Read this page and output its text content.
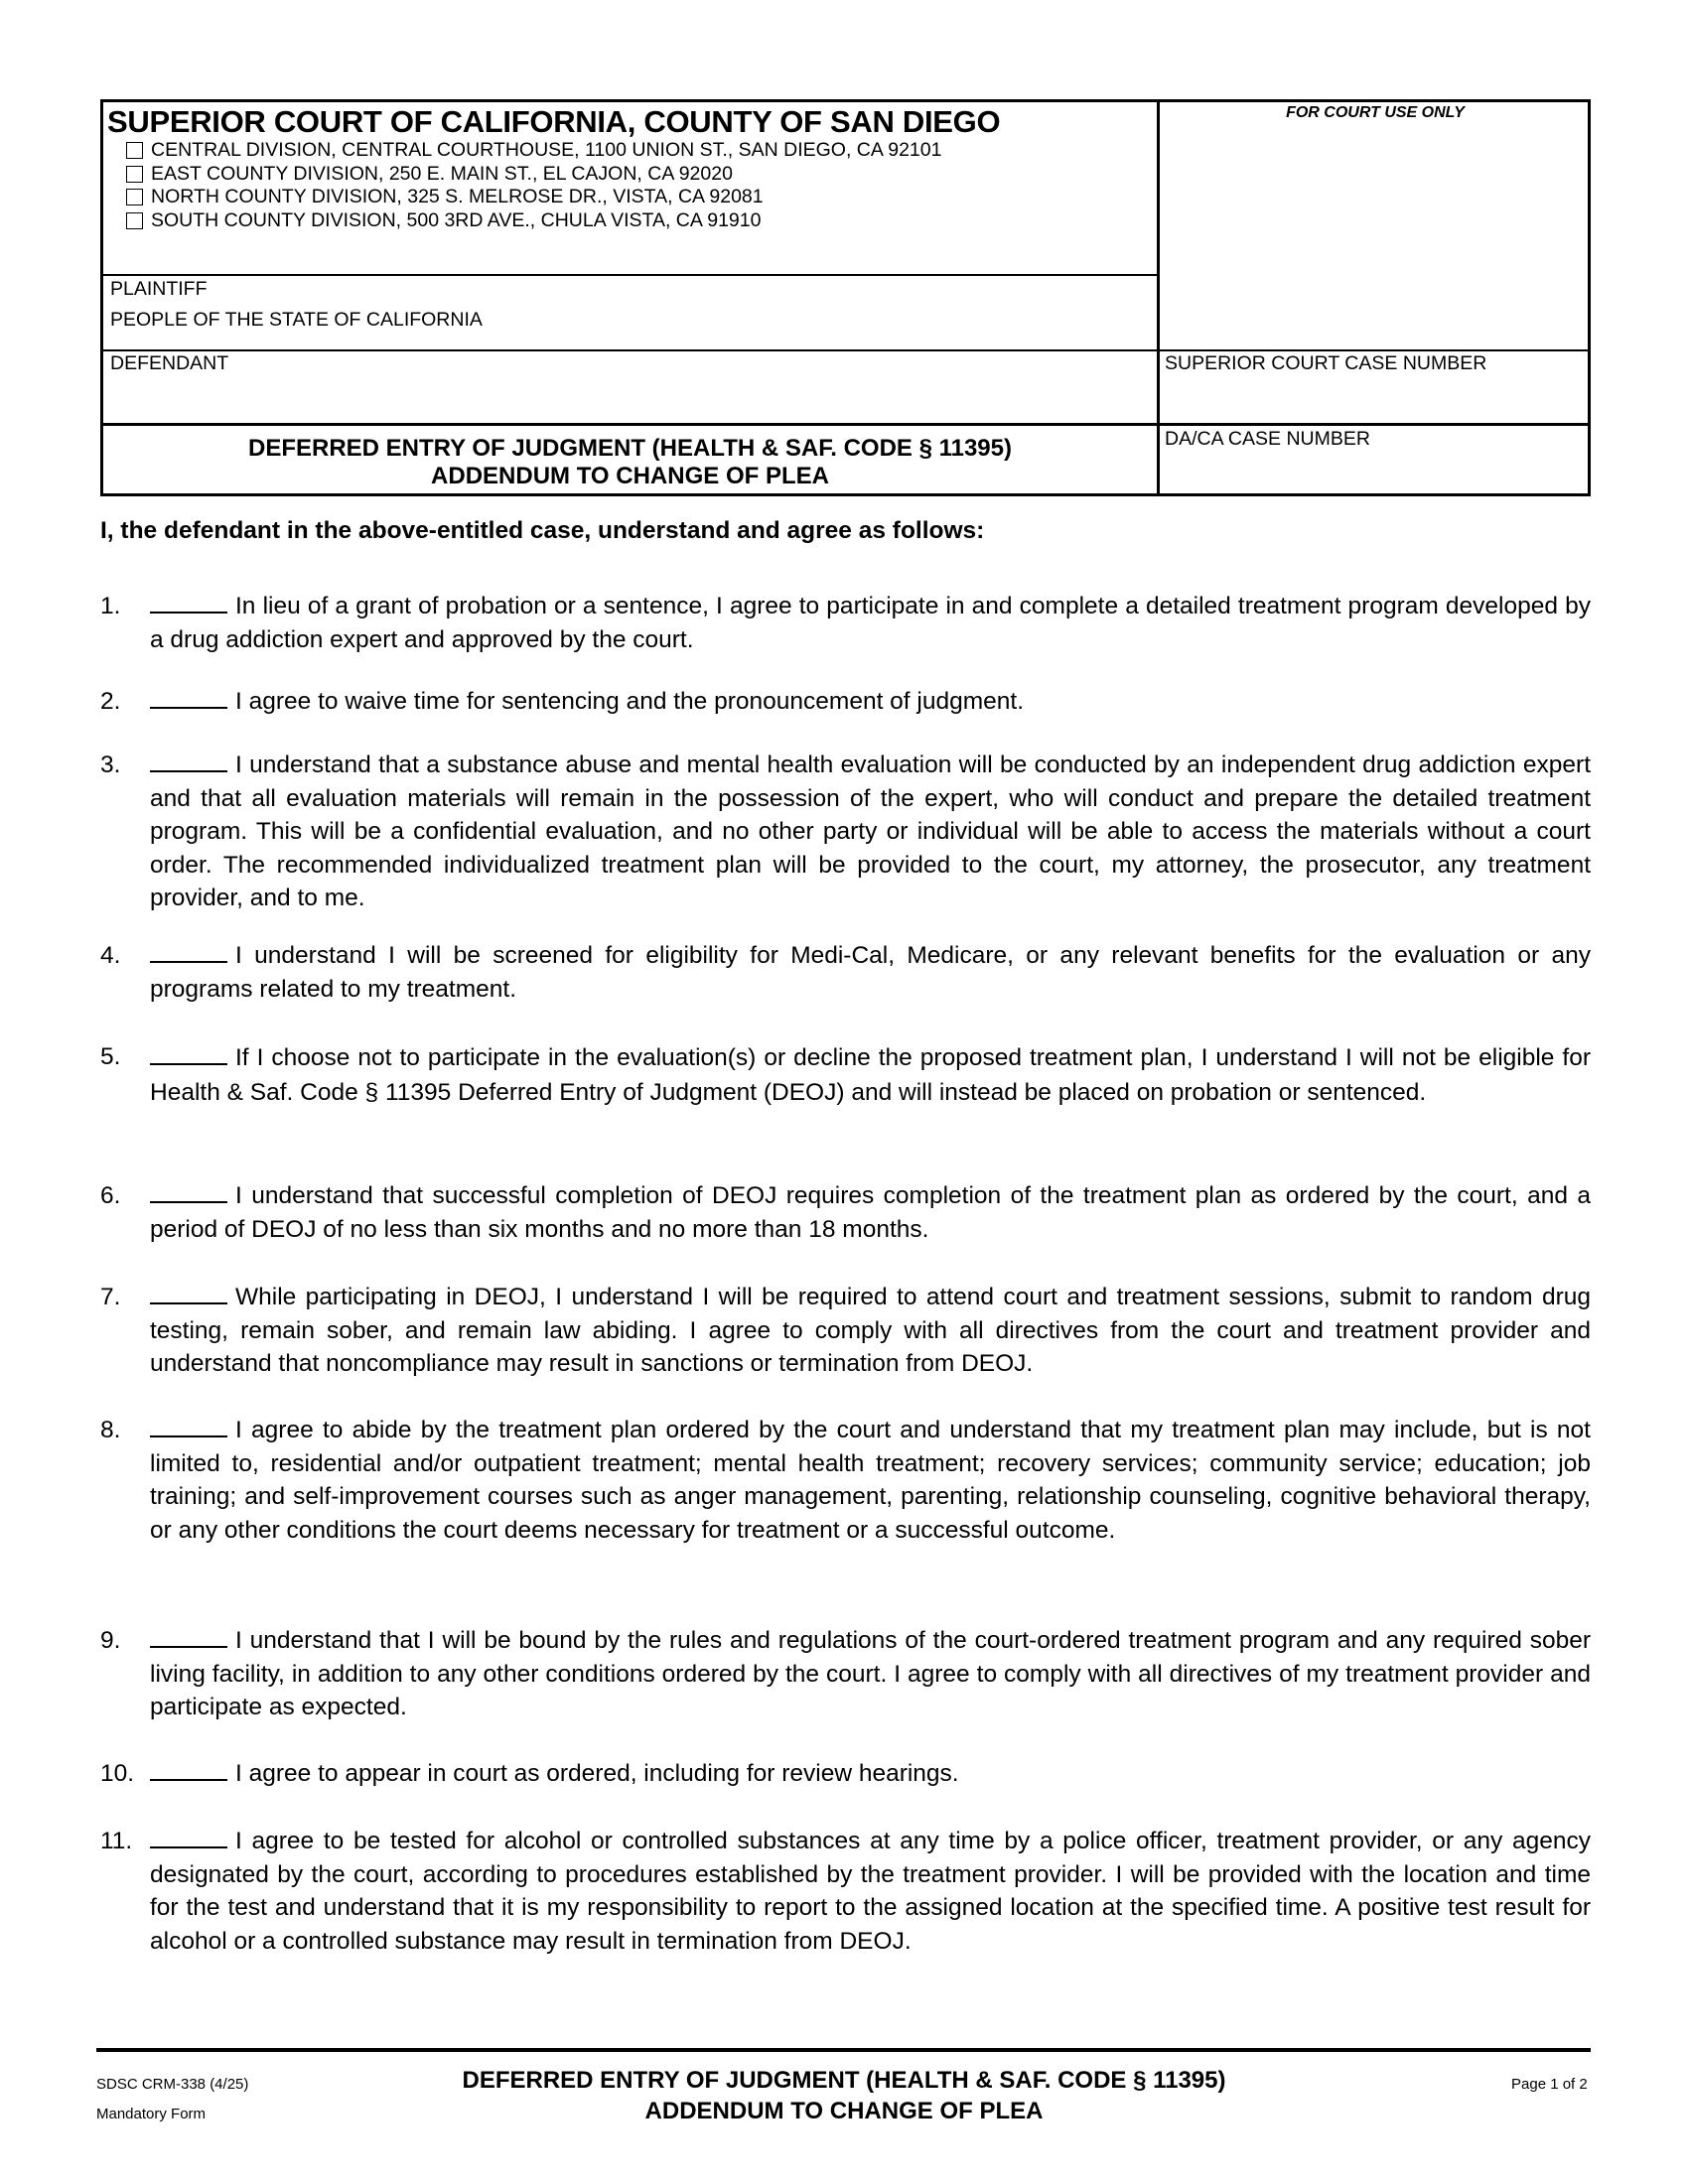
SUPERIOR COURT OF CALIFORNIA, COUNTY OF SAN DIEGO
CENTRAL DIVISION, CENTRAL COURTHOUSE, 1100 UNION ST., SAN DIEGO, CA 92101
EAST COUNTY DIVISION, 250 E. MAIN ST., EL CAJON, CA 92020
NORTH COUNTY DIVISION, 325 S. MELROSE DR., VISTA, CA 92081
SOUTH COUNTY DIVISION, 500 3RD AVE., CHULA VISTA, CA 91910
FOR COURT USE ONLY
PLAINTIFF
PEOPLE OF THE STATE OF CALIFORNIA
DEFENDANT	SUPERIOR COURT CASE NUMBER
DA/CA CASE NUMBER
DEFERRED ENTRY OF JUDGMENT (HEALTH & SAF. CODE § 11395)
ADDENDUM TO CHANGE OF PLEA
I, the defendant in the above-entitled case, understand and agree as follows:
1.	In lieu of a grant of probation or a sentence, I agree to participate in and complete a detailed treatment program developed by a drug addiction expert and approved by the court.
2.	I agree to waive time for sentencing and the pronouncement of judgment.
3.	I understand that a substance abuse and mental health evaluation will be conducted by an independent drug addiction expert and that all evaluation materials will remain in the possession of the expert, who will conduct and prepare the detailed treatment program. This will be a confidential evaluation, and no other party or individual will be able to access the materials without a court order. The recommended individualized treatment plan will be provided to the court, my attorney, the prosecutor, any treatment provider, and to me.
4.	I understand I will be screened for eligibility for Medi-Cal, Medicare, or any relevant benefits for the evaluation or any programs related to my treatment.
5.	If I choose not to participate in the evaluation(s) or decline the proposed treatment plan, I understand I will not be eligible for Health & Saf. Code § 11395 Deferred Entry of Judgment (DEOJ) and will instead be placed on probation or sentenced.
6.	I understand that successful completion of DEOJ requires completion of the treatment plan as ordered by the court, and a period of DEOJ of no less than six months and no more than 18 months.
7.	While participating in DEOJ, I understand I will be required to attend court and treatment sessions, submit to random drug testing, remain sober, and remain law abiding. I agree to comply with all directives from the court and treatment provider and understand that noncompliance may result in sanctions or termination from DEOJ.
8.	I agree to abide by the treatment plan ordered by the court and understand that my treatment plan may include, but is not limited to, residential and/or outpatient treatment; mental health treatment; recovery services; community service; education; job training; and self-improvement courses such as anger management, parenting, relationship counseling, cognitive behavioral therapy, or any other conditions the court deems necessary for treatment or a successful outcome.
9.	I understand that I will be bound by the rules and regulations of the court-ordered treatment program and any required sober living facility, in addition to any other conditions ordered by the court. I agree to comply with all directives of my treatment provider and participate as expected.
10.	I agree to appear in court as ordered, including for review hearings.
11.	I agree to be tested for alcohol or controlled substances at any time by a police officer, treatment provider, or any agency designated by the court, according to procedures established by the treatment provider. I will be provided with the location and time for the test and understand that it is my responsibility to report to the assigned location at the specified time. A positive test result for alcohol or a controlled substance may result in termination from DEOJ.
SDSC CRM-338 (4/25)
Mandatory Form
DEFERRED ENTRY OF JUDGMENT (HEALTH & SAF. CODE § 11395)
ADDENDUM TO CHANGE OF PLEA
Page 1 of 2
